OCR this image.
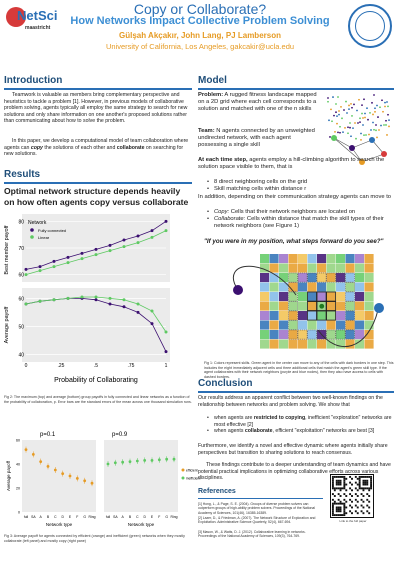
NetSci
maastricht
Copy or Collaborate?
How Networks Impact Collective Problem Solving
Gülşah Akçakır, John Lang, PJ Lamberson
University of California, Los Angeles, gakcakir@ucla.edu
Introduction
Teamwork is valuable as members bring complementary perspective and heuristics to tackle a problem [1]. However, in previous models of collaborative problem solving, agents typically all employ the same strategy to search for new solutions and only share information on one another's proposed solutions rather than communicating about how to solve the problem.
In this paper, we develop a computational model of team collaboration where agents can copy the solutions of each other and collaborate on searching for new solutions.
Results
Optimal network structure depends heavily on how often agents copy versus collaborate
60
70
80
40
50
60
0	.25	.5	.75	1
Best member payoff
Average payoff
Probability of Collaborating
Network
Fully connected
Linear
Fig 2: The maximum (top) and average (bottom) group payoffs in fully connected and linear networks as a function of the probability of collaboration, p. Error bars are the standard errors of the mean across one thousand simulation runs.
p=0.1	p=0.9
0
20
40
60
full SA A B C D E F G Ring	full SA A B C D E F G Ring
Average payoff
Network type	Network type
efficient
inefficient
Fig 3: Average payoff for agents connected by efficient (orange) and inefficient (green) networks when they mostly collaborate (left panel) and mostly copy (right pane)
Model
Problem: A rugged fitness landscape mapped on a 2D grid where each cell corresponds to a solution and matched with one of the n skills
Team: N agents connected by an unweighted undirected network, with each agent possessing a single skill
At each time step, agents employ a hill-climbing algorithm to search the solution space visible to them, that is
• 8 direct neighboring cells on the grid
• Skill matching cells within distance r
In addition, depending on their communication strategy agents can move to
• Copy: Cells that their network neighbors are located on
• Collaborate: Cells within distance that match the skill types of their network neighbors (see Figure 1)
"If you were in my position, what steps forward do you see?"
Fig 1: Colors represent skills. Green agent in the center can move to any of the cells with dark borders in one step. This includes the eight immediately adjacent cells and three additional cells that match the agent's green skill type. If the agent collaborates with their network neighbors (purple and blue nodes), then they also have access to cells with dashed borders.
Conclusion
Our results address an apparent conflict between two well-known findings on the relationship between networks and problem solving. We show that
• when agents are restricted to copying, inefficient "exploration" networks are most effective [2]
• when agents collaborate, efficient "exploitation" networks are best [3]
Furthermore, we identify a novel and effective dynamic where agents initially share perspectives but transition to sharing solutions to reach consensus.
These findings contribute to a deeper understanding of team dynamics and have potential practical implications in optimizing collaborative efforts across various disciplines.
References
[1] Hong, L., & Page, S. E. (2004). Groups of diverse problem solvers can outperform groups of high-ability problem solvers. Proceedings of the National Academy of Sciences, 101(46), 16385-16389.
[2] Lazer, D., & Friedman, A. (2007). The Network Structure of Exploration and Exploitation. Administrative Science Quarterly, 52(4), 667-694.
[3] Mason, W., & Watts, D. J. (2012). Collaborative learning in networks. Proceedings of the National Academy of Sciences, 109(3), 764-769.
Link to the full paper
